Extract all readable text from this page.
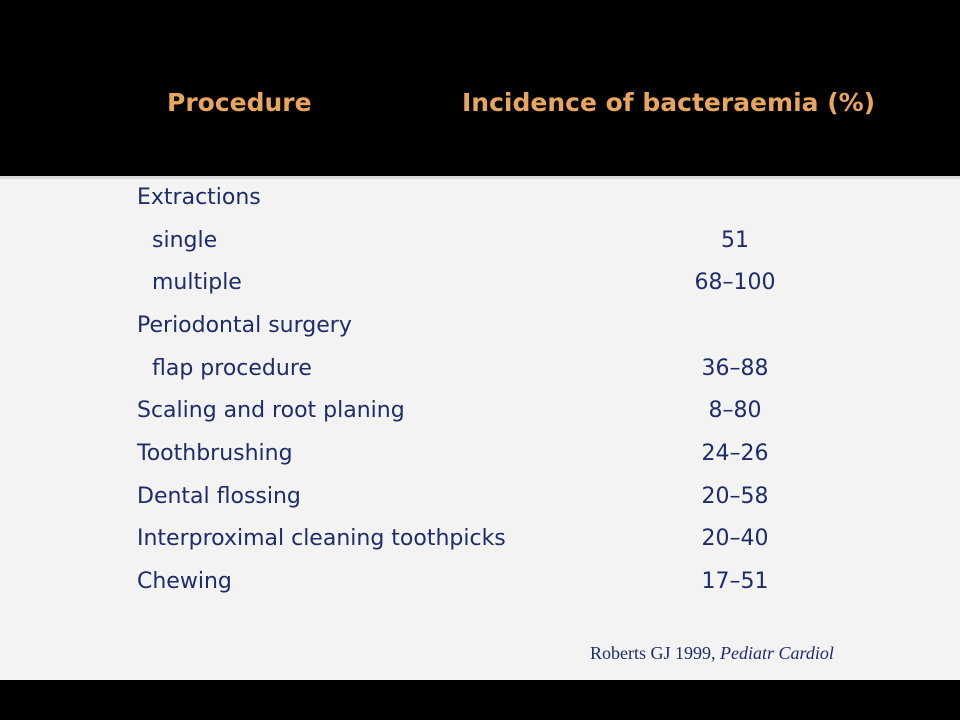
Procedure	Incidence of bacteraemia (%)
Extractions
single	51
multiple	68–100
Periodontal surgery
flap procedure	36–88
Scaling and root planing	8–80
Toothbrushing	24–26
Dental flossing	20–58
Interproximal cleaning toothpicks	20–40
Chewing	17–51
Roberts GJ 1999, Pediatr Cardiol
